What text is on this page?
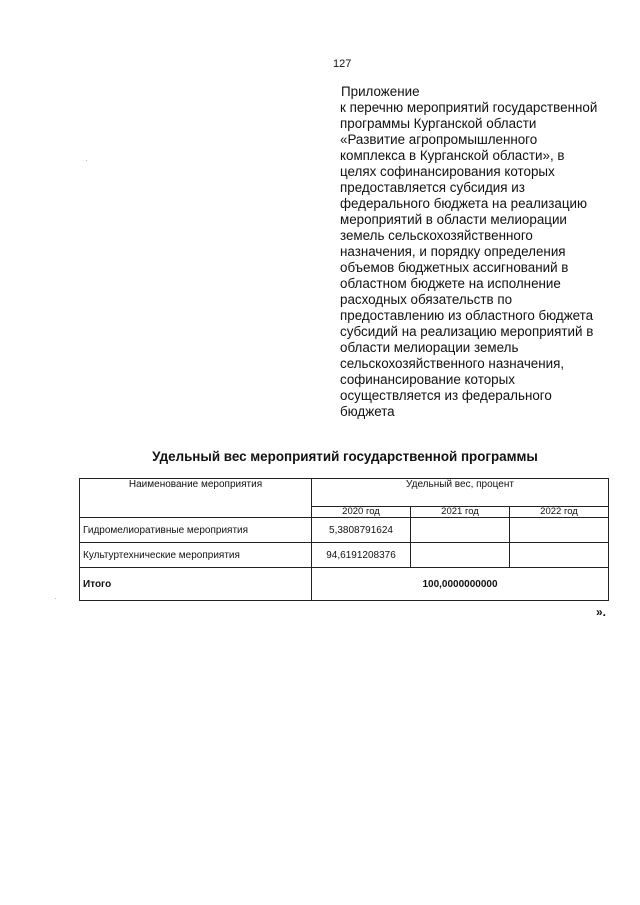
127
Приложение
к перечню мероприятий государственной
программы Курганской области
«Развитие агропромышленного
комплекса в Курганской области», в
целях софинансирования которых
предоставляется субсидия из
федерального бюджета на реализацию
мероприятий в области мелиорации
земель сельскохозяйственного
назначения, и порядку определения
объемов бюджетных ассигнований в
областном бюджете на исполнение
расходных обязательств по
предоставлению из областного бюджета
субсидий на реализацию мероприятий в
области мелиорации земель
сельскохозяйственного назначения,
софинансирование которых
осуществляется из федерального
бюджета
Удельный вес мероприятий государственной программы
Наименование мероприятия	Удельный вес, процент		
	2020 год	2021 год	2022 год
Гидромелиоративные мероприятия	5,3808791624		
Культуртехнические мероприятия	94,6191208376		
Итого	100,0000000000		
».
